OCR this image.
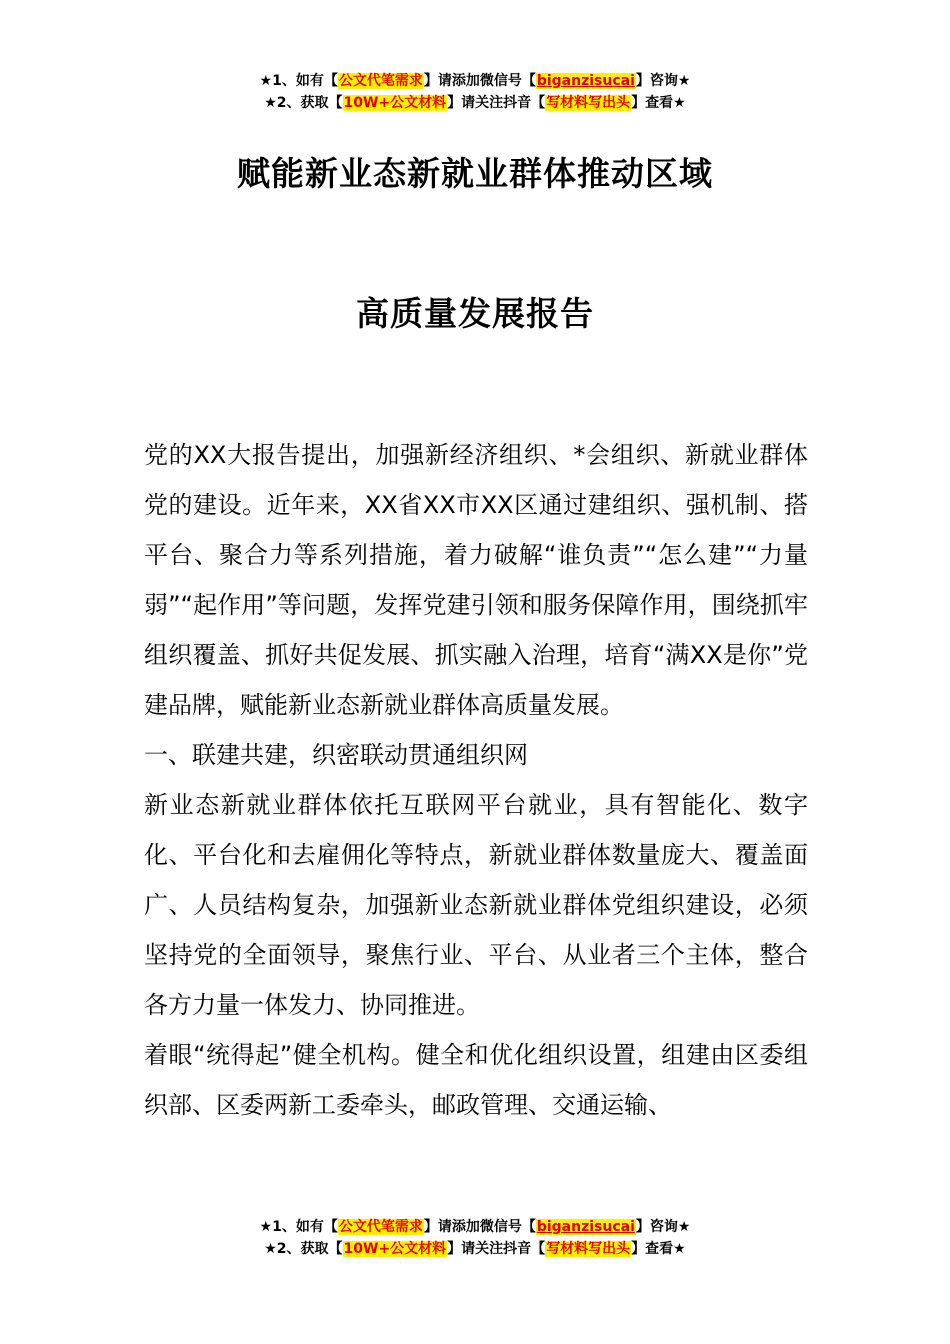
★1、如有【公文代笔需求】请添加微信号【biganzisucai】咨询★
★2、获取【10W+公文材料】请关注抖音【写材料写出头】查看★
赋能新业态新就业群体推动区域
高质量发展报告

党的XX大报告提出，加强新经济组织、*会组织、新就业群体党的建设。近年来，XX省XX市XX区通过建组织、强机制、搭平台、聚合力等系列措施，着力破解“谁负责”“怎么建”“力量弱”“起作用”等问题，发挥党建引领和服务保障作用，围绕抓牢组织覆盖、抓好共促发展、抓实融入治理，培育“满XX是你”党建品牌，赋能新业态新就业群体高质量发展。

一、联建共建，织密联动贯通组织网

新业态新就业群体依托互联网平台就业，具有智能化、数字化、平台化和去雇佣化等特点，新就业群体数量庞大、覆盖面广、人员结构复杂，加强新业态新就业群体党组织建设，必须坚持党的全面领导，聚焦行业、平台、从业者三个主体，整合各方力量一体发力、协同推进。

着眼“统得起”健全机构。健全和优化组织设置，组建由区委组织部、区委两新工委牵头，邮政管理、交通运输、

★1、如有【公文代笔需求】请添加微信号【biganzisucai】咨询★
★2、获取【10W+公文材料】请关注抖音【写材料写出头】查看★
